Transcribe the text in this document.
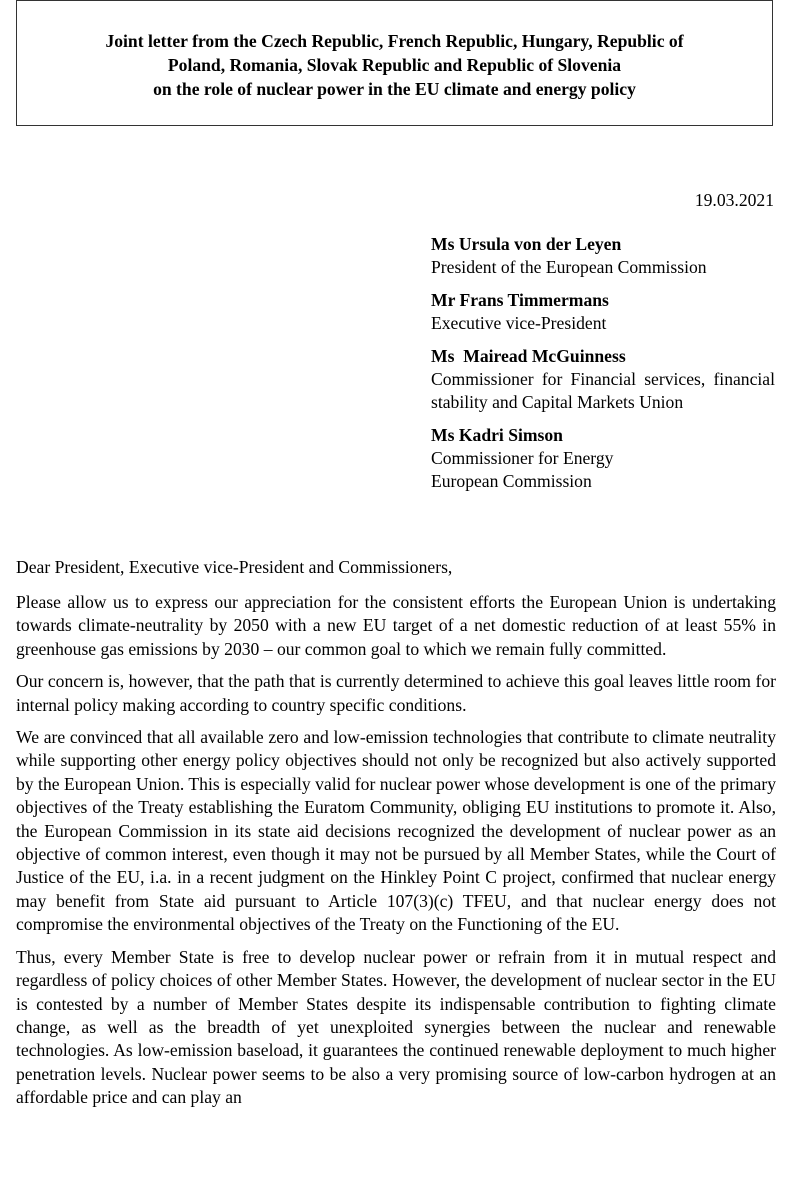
Joint letter from the Czech Republic, French Republic, Hungary, Republic of
Poland, Romania, Slovak Republic and Republic of Slovenia
on the role of nuclear power in the EU climate and energy policy
19.03.2021
Ms Ursula von der Leyen
President of the European Commission
Mr Frans Timmermans
Executive vice-President
Ms  Mairead McGuinness
Commissioner for Financial services, financial stability and Capital Markets Union
Ms Kadri Simson
Commissioner for Energy
European Commission
Dear President, Executive vice-President and Commissioners,

Please allow us to express our appreciation for the consistent efforts the European Union is undertaking towards climate-neutrality by 2050 with a new EU target of a net domestic reduction of at least 55% in greenhouse gas emissions by 2030 – our common goal to which we remain fully committed.

Our concern is, however, that the path that is currently determined to achieve this goal leaves little room for internal policy making according to country specific conditions.

We are convinced that all available zero and low-emission technologies that contribute to climate neutrality while supporting other energy policy objectives should not only be recognized but also actively supported by the European Union. This is especially valid for nuclear power whose development is one of the primary objectives of the Treaty establishing the Euratom Community, obliging EU institutions to promote it. Also, the European Commission in its state aid decisions recognized the development of nuclear power as an objective of common interest, even though it may not be pursued by all Member States, while the Court of Justice of the EU, i.a. in a recent judgment on the Hinkley Point C project, confirmed that nuclear energy may benefit from State aid pursuant to Article 107(3)(c) TFEU, and that nuclear energy does not compromise the environmental objectives of the Treaty on the Functioning of the EU.

Thus, every Member State is free to develop nuclear power or refrain from it in mutual respect and regardless of policy choices of other Member States. However, the development of nuclear sector in the EU is contested by a number of Member States despite its indispensable contribution to fighting climate change, as well as the breadth of yet unexploited synergies between the nuclear and renewable technologies. As low-emission baseload, it guarantees the continued renewable deployment to much higher penetration levels. Nuclear power seems to be also a very promising source of low-carbon hydrogen at an affordable price and can play an
